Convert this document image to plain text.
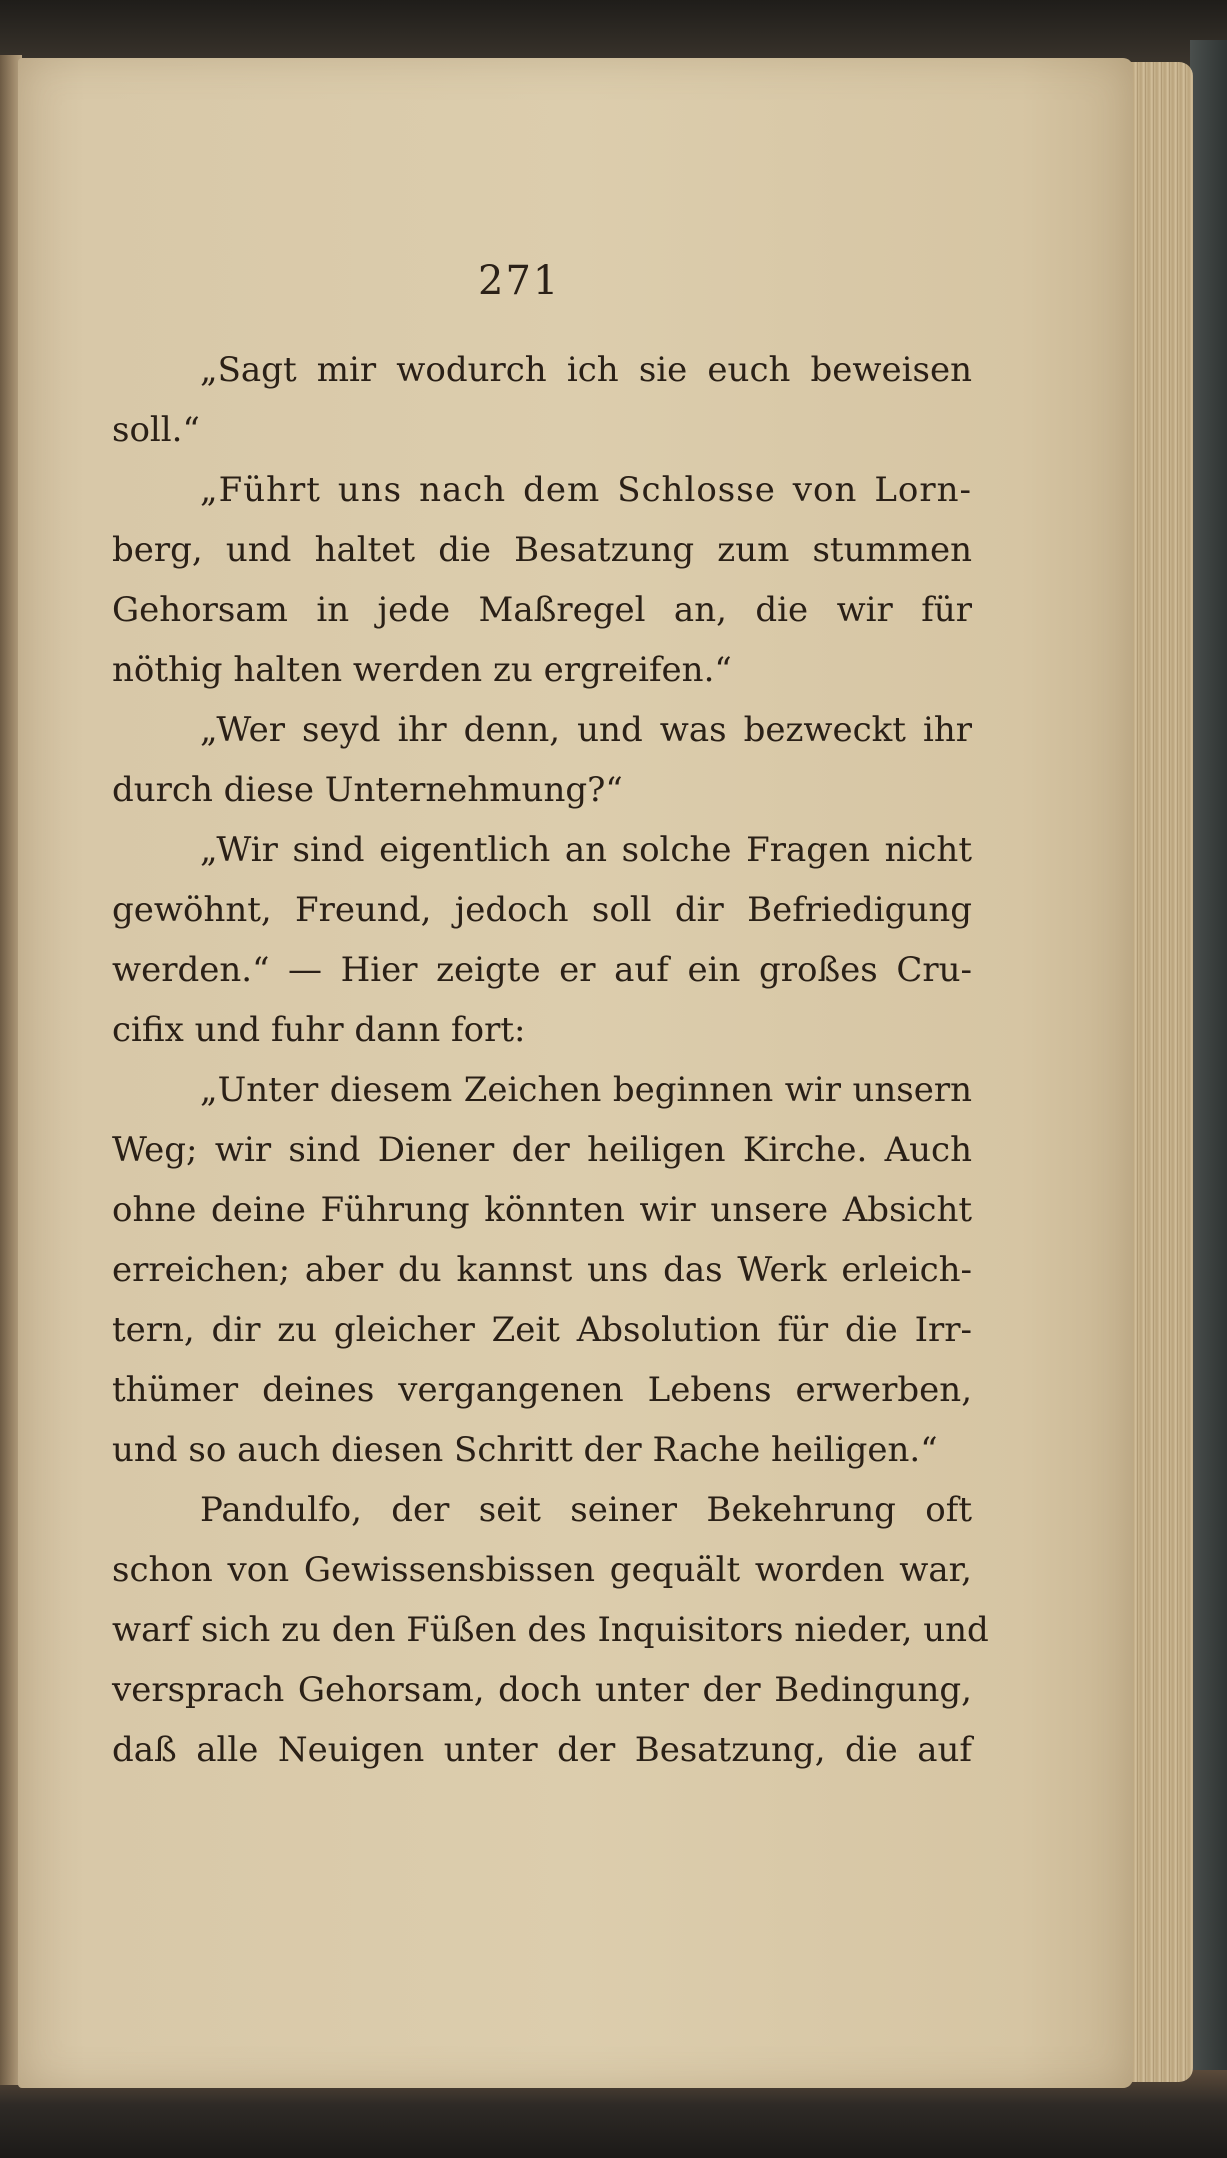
271
„Sagt mir wodurch ich sie euch beweisen
soll.“
„Führt uns nach dem Schlosse von Lorn-
berg, und haltet die Besatzung zum stummen
Gehorsam in jede Maßregel an, die wir für
nöthig halten werden zu ergreifen.“
„Wer seyd ihr denn, und was bezweckt ihr
durch diese Unternehmung?“
„Wir sind eigentlich an solche Fragen nicht
gewöhnt, Freund, jedoch soll dir Befriedigung
werden.“ — Hier zeigte er auf ein großes Cru-
cifix und fuhr dann fort:
„Unter diesem Zeichen beginnen wir unsern
Weg; wir sind Diener der heiligen Kirche. Auch
ohne deine Führung könnten wir unsere Absicht
erreichen; aber du kannst uns das Werk erleich-
tern, dir zu gleicher Zeit Absolution für die Irr-
thümer deines vergangenen Lebens erwerben,
und so auch diesen Schritt der Rache heiligen.“
Pandulfo, der seit seiner Bekehrung oft
schon von Gewissensbissen gequält worden war,
warf sich zu den Füßen des Inquisitors nieder, und
versprach Gehorsam, doch unter der Bedingung,
daß alle Neuigen unter der Besatzung, die auf
